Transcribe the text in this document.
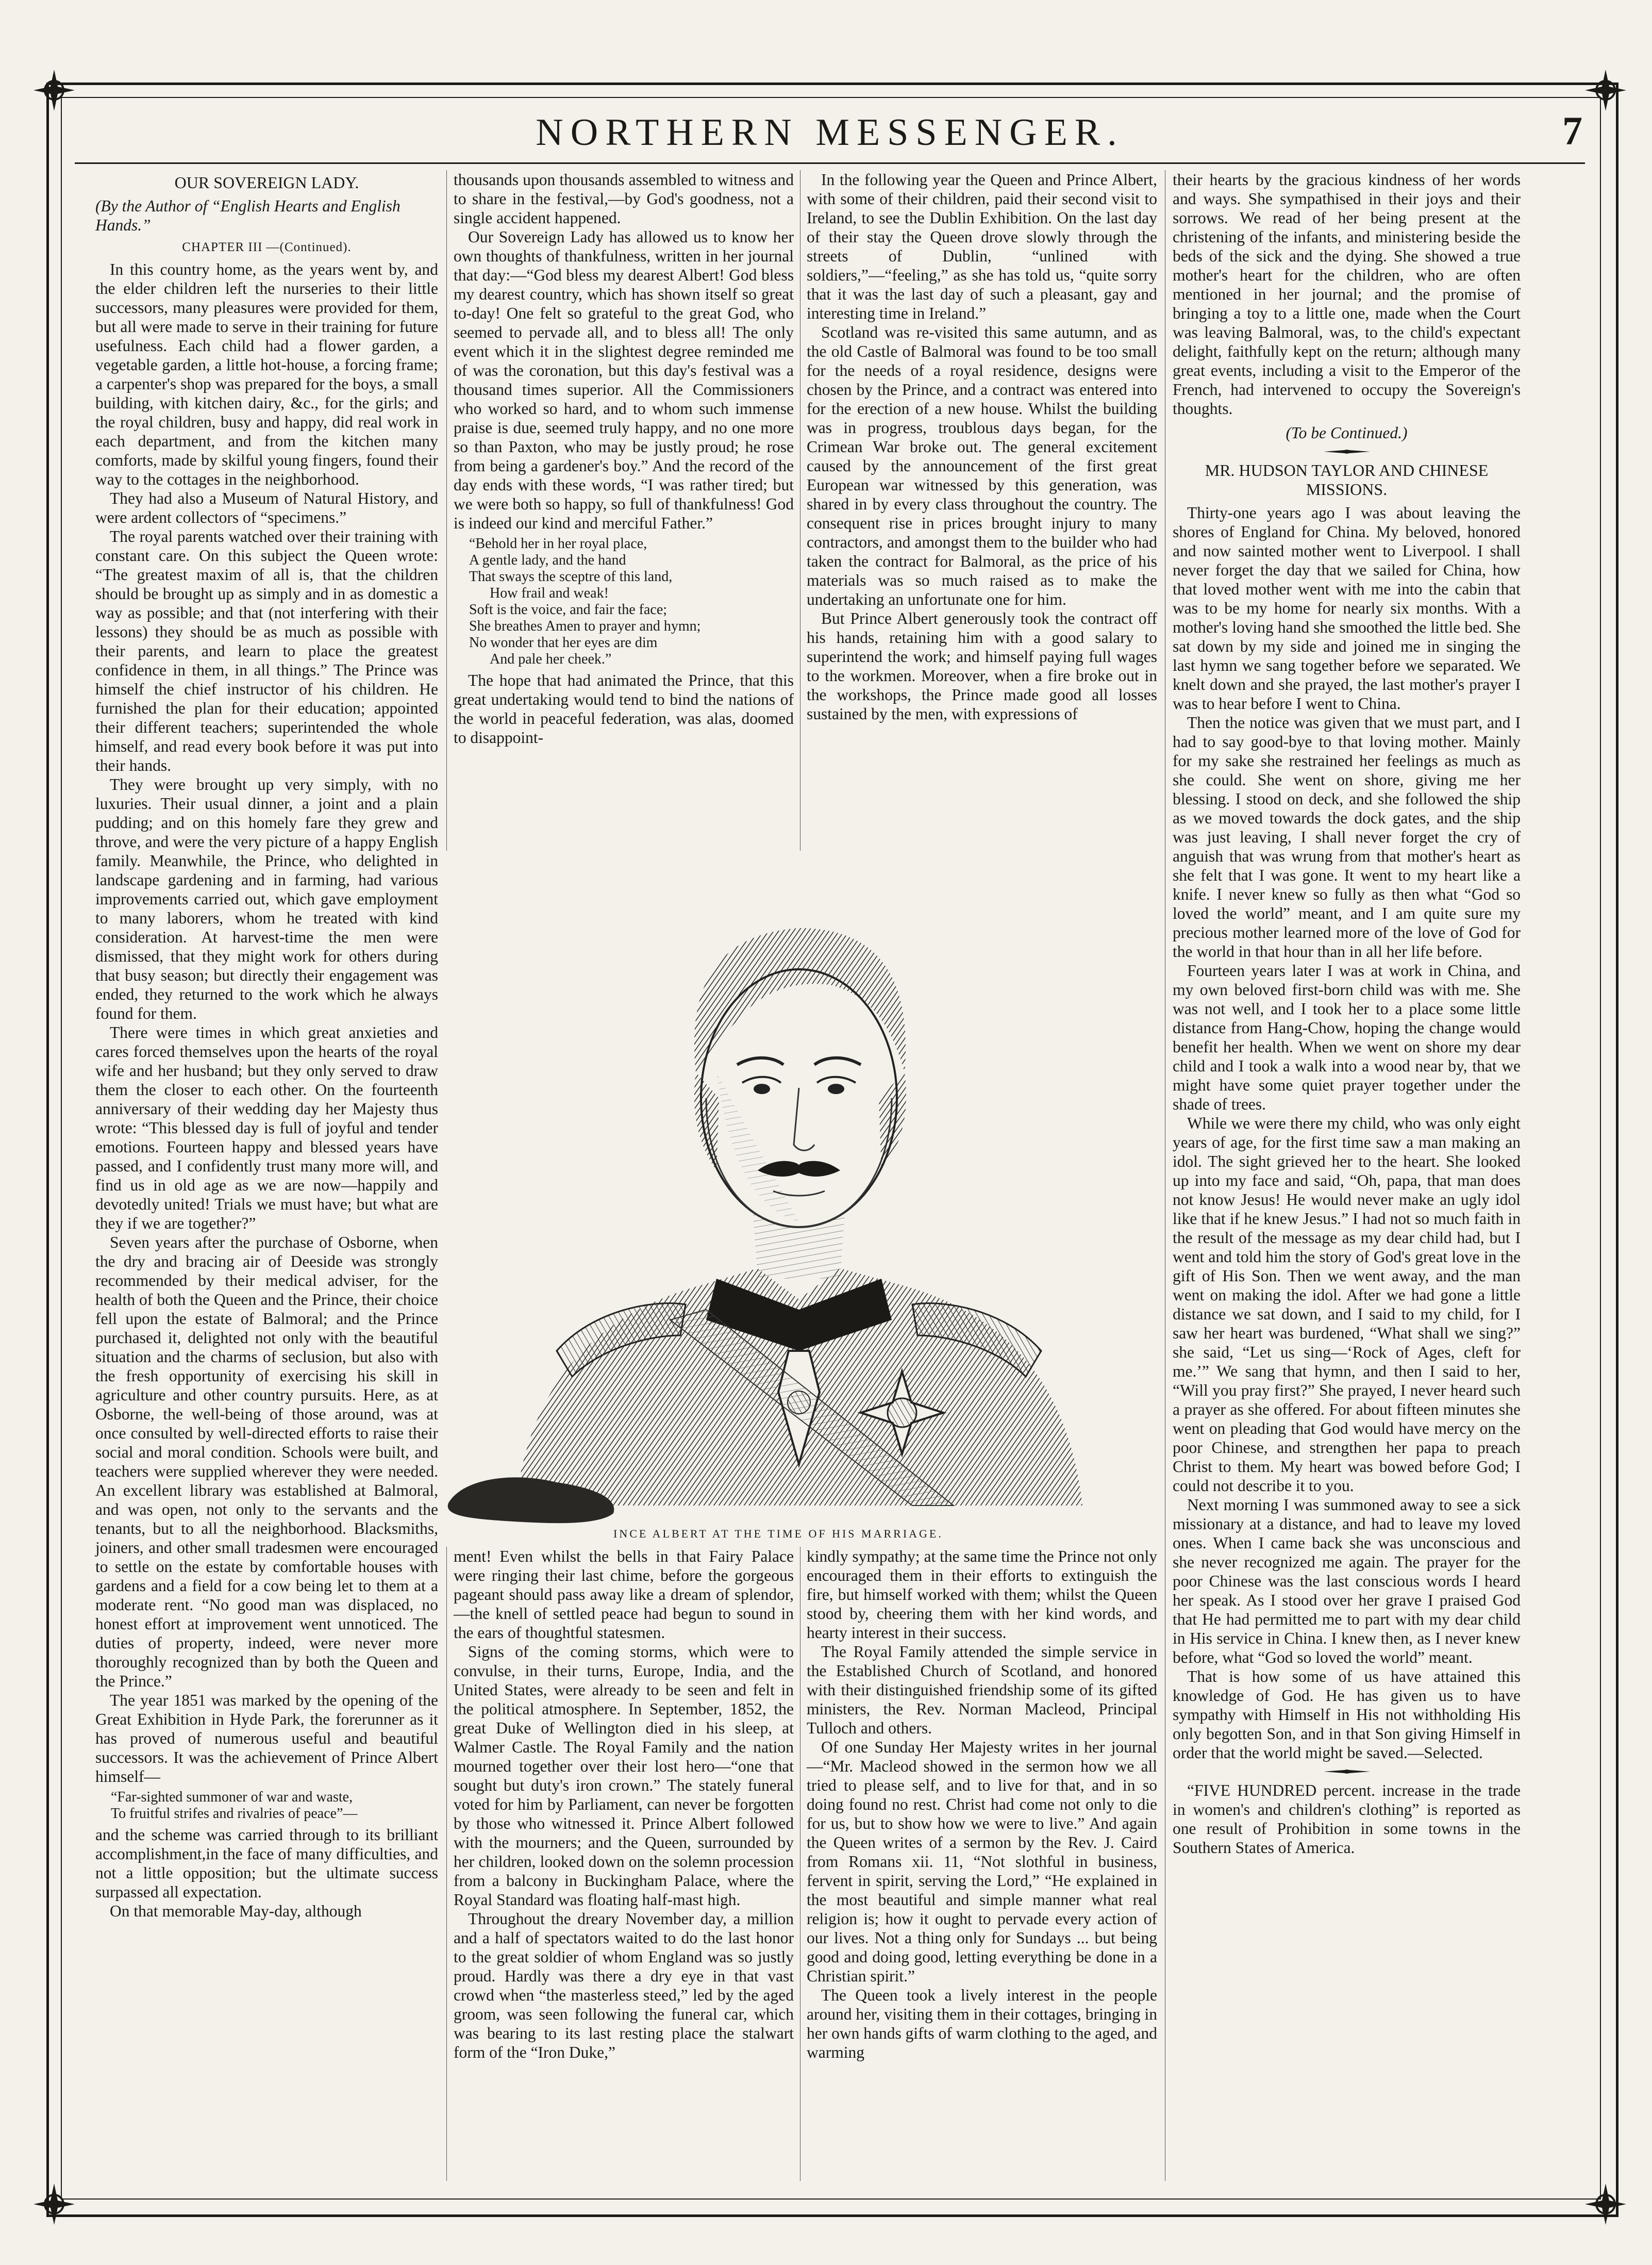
NORTHERN MESSENGER.	7

OUR SOVEREIGN LADY.

(By the Author of “English Hearts and English Hands.”

CHAPTER III —(Continued).

In this country home, as the years went by, and the elder children left the nurseries to their little successors, many pleasures were provided for them, but all were made to serve in their training for future usefulness. Each child had a flower garden, a vegetable garden, a little hot-house, a forcing frame; a carpenter's shop was prepared for the boys, a small building, with kitchen dairy, &c., for the girls; and the royal children, busy and happy, did real work in each department, and from the kitchen many comforts, made by skilful young fingers, found their way to the cottages in the neighborhood.

They had also a Museum of Natural History, and were ardent collectors of “specimens.”

The royal parents watched over their training with constant care. On this subject the Queen wrote: “The greatest maxim of all is, that the children should be brought up as simply and in as domestic a way as possible; and that (not interfering with their lessons) they should be as much as possible with their parents, and learn to place the greatest confidence in them, in all things.” The Prince was himself the chief instructor of his children. He furnished the plan for their education; appointed their different teachers; superintended the whole himself, and read every book before it was put into their hands.

They were brought up very simply, with no luxuries. Their usual dinner, a joint and a plain pudding; and on this homely fare they grew and throve, and were the very picture of a happy English family. Meanwhile, the Prince, who delighted in landscape gardening and in farming, had various improvements carried out, which gave employment to many laborers, whom he treated with kind consideration. At harvest-time the men were dismissed, that they might work for others during that busy season; but directly their engagement was ended, they returned to the work which he always found for them.

There were times in which great anxieties and cares forced themselves upon the hearts of the royal wife and her husband; but they only served to draw them the closer to each other. On the fourteenth anniversary of their wedding day her Majesty thus wrote: “This blessed day is full of joyful and tender emotions. Fourteen happy and blessed years have passed, and I confidently trust many more will, and find us in old age as we are now—happily and devotedly united! Trials we must have; but what are they if we are together?”

Seven years after the purchase of Osborne, when the dry and bracing air of Deeside was strongly recommended by their medical adviser, for the health of both the Queen and the Prince, their choice fell upon the estate of Balmoral; and the Prince purchased it, delighted not only with the beautiful situation and the charms of seclusion, but also with the fresh opportunity of exercising his skill in agriculture and other country pursuits. Here, as at Osborne, the well-being of those around, was at once consulted by well-directed efforts to raise their social and moral condition. Schools were built, and teachers were supplied wherever they were needed. An excellent library was established at Balmoral, and was open, not only to the servants and the tenants, but to all the neighborhood. Blacksmiths, joiners, and other small tradesmen were encouraged to settle on the estate by comfortable houses with gardens and a field for a cow being let to them at a moderate rent. “No good man was displaced, no honest effort at improvement went unnoticed. The duties of property, indeed, were never more thoroughly recognized than by both the Queen and the Prince.”

The year 1851 was marked by the opening of the Great Exhibition in Hyde Park, the forerunner as it has proved of numerous useful and beautiful successors. It was the achievement of Prince Albert himself—

“Far-sighted summoner of war and waste,
To fruitful strifes and rivalries of peace”—

and the scheme was carried through to its brilliant accomplishment,in the face of many difficulties, and not a little opposition; but the ultimate success surpassed all expectation.

On that memorable May-day, although

thousands upon thousands assembled to witness and to share in the festival,—by God's goodness, not a single accident happened.

Our Sovereign Lady has allowed us to know her own thoughts of thankfulness, written in her journal that day:—“God bless my dearest Albert! God bless my dearest country, which has shown itself so great to-day! One felt so grateful to the great God, who seemed to pervade all, and to bless all! The only event which it in the slightest degree reminded me of was the coronation, but this day's festival was a thousand times superior. All the Commissioners who worked so hard, and to whom such immense praise is due, seemed truly happy, and no one more so than Paxton, who may be justly proud; he rose from being a gardener's boy.” And the record of the day ends with these words, “I was rather tired; but we were both so happy, so full of thankfulness! God is indeed our kind and merciful Father.”

“Behold her in her royal place,
A gentle lady, and the hand
That sways the sceptre of this land,
How frail and weak!
Soft is the voice, and fair the face;
She breathes Amen to prayer and hymn;
No wonder that her eyes are dim
And pale her cheek.”

The hope that had animated the Prince, that this great undertaking would tend to bind the nations of the world in peaceful federation, was alas, doomed to disappoint-

In the following year the Queen and Prince Albert, with some of their children, paid their second visit to Ireland, to see the Dublin Exhibition. On the last day of their stay the Queen drove slowly through the streets of Dublin, “unlined with soldiers,”—“feeling,” as she has told us, “quite sorry that it was the last day of such a pleasant, gay and interesting time in Ireland.”

Scotland was re-visited this same autumn, and as the old Castle of Balmoral was found to be too small for the needs of a royal residence, designs were chosen by the Prince, and a contract was entered into for the erection of a new house. Whilst the building was in progress, troublous days began, for the Crimean War broke out. The general excitement caused by the announcement of the first great European war witnessed by this generation, was shared in by every class throughout the country. The consequent rise in prices brought injury to many contractors, and amongst them to the builder who had taken the contract for Balmoral, as the price of his materials was so much raised as to make the undertaking an unfortunate one for him.

But Prince Albert generously took the contract off his hands, retaining him with a good salary to superintend the work; and himself paying full wages to the workmen. Moreover, when a fire broke out in the workshops, the Prince made good all losses sustained by the men, with expressions of

INCE ALBERT AT THE TIME OF HIS MARRIAGE.

ment! Even whilst the bells in that Fairy Palace were ringing their last chime, before the gorgeous pageant should pass away like a dream of splendor,—the knell of settled peace had begun to sound in the ears of thoughtful statesmen.

Signs of the coming storms, which were to convulse, in their turns, Europe, India, and the United States, were already to be seen and felt in the political atmosphere. In September, 1852, the great Duke of Wellington died in his sleep, at Walmer Castle. The Royal Family and the nation mourned together over their lost hero—“one that sought but duty's iron crown.” The stately funeral voted for him by Parliament, can never be forgotten by those who witnessed it. Prince Albert followed with the mourners; and the Queen, surrounded by her children, looked down on the solemn procession from a balcony in Buckingham Palace, where the Royal Standard was floating half-mast high.

Throughout the dreary November day, a million and a half of spectators waited to do the last honor to the great soldier of whom England was so justly proud. Hardly was there a dry eye in that vast crowd when “the masterless steed,” led by the aged groom, was seen following the funeral car, which was bearing to its last resting place the stalwart form of the “Iron Duke,”

kindly sympathy; at the same time the Prince not only encouraged them in their efforts to extinguish the fire, but himself worked with them; whilst the Queen stood by, cheering them with her kind words, and hearty interest in their success.

The Royal Family attended the simple service in the Established Church of Scotland, and honored with their distinguished friendship some of its gifted ministers, the Rev. Norman Macleod, Principal Tulloch and others.

Of one Sunday Her Majesty writes in her journal—“Mr. Macleod showed in the sermon how we all tried to please self, and to live for that, and in so doing found no rest. Christ had come not only to die for us, but to show how we were to live.” And again the Queen writes of a sermon by the Rev. J. Caird from Romans xii. 11, “Not slothful in business, fervent in spirit, serving the Lord,” “He explained in the most beautiful and simple manner what real religion is; how it ought to pervade every action of our lives. Not a thing only for Sundays ... but being good and doing good, letting everything be done in a Christian spirit.”

The Queen took a lively interest in the people around her, visiting them in their cottages, bringing in her own hands gifts of warm clothing to the aged, and warming

their hearts by the gracious kindness of her words and ways. She sympathised in their joys and their sorrows. We read of her being present at the christening of the infants, and ministering beside the beds of the sick and the dying. She showed a true mother's heart for the children, who are often mentioned in her journal; and the promise of bringing a toy to a little one, made when the Court was leaving Balmoral, was, to the child's expectant delight, faithfully kept on the return; although many great events, including a visit to the Emperor of the French, had intervened to occupy the Sovereign's thoughts.

(To be Continued.)

MR. HUDSON TAYLOR AND CHINESE MISSIONS.

Thirty-one years ago I was about leaving the shores of England for China. My beloved, honored and now sainted mother went to Liverpool. I shall never forget the day that we sailed for China, how that loved mother went with me into the cabin that was to be my home for nearly six months. With a mother's loving hand she smoothed the little bed. She sat down by my side and joined me in singing the last hymn we sang together before we separated. We knelt down and she prayed, the last mother's prayer I was to hear before I went to China.

Then the notice was given that we must part, and I had to say good-bye to that loving mother. Mainly for my sake she restrained her feelings as much as she could. She went on shore, giving me her blessing. I stood on deck, and she followed the ship as we moved towards the dock gates, and the ship was just leaving, I shall never forget the cry of anguish that was wrung from that mother's heart as she felt that I was gone. It went to my heart like a knife. I never knew so fully as then what “God so loved the world” meant, and I am quite sure my precious mother learned more of the love of God for the world in that hour than in all her life before.

Fourteen years later I was at work in China, and my own beloved first-born child was with me. She was not well, and I took her to a place some little distance from Hang-Chow, hoping the change would benefit her health. When we went on shore my dear child and I took a walk into a wood near by, that we might have some quiet prayer together under the shade of trees.

While we were there my child, who was only eight years of age, for the first time saw a man making an idol. The sight grieved her to the heart. She looked up into my face and said, “Oh, papa, that man does not know Jesus! He would never make an ugly idol like that if he knew Jesus.” I had not so much faith in the result of the message as my dear child had, but I went and told him the story of God's great love in the gift of His Son. Then we went away, and the man went on making the idol. After we had gone a little distance we sat down, and I said to my child, for I saw her heart was burdened, “What shall we sing?” she said, “Let us sing—‘Rock of Ages, cleft for me.’” We sang that hymn, and then I said to her, “Will you pray first?” She prayed, I never heard such a prayer as she offered. For about fifteen minutes she went on pleading that God would have mercy on the poor Chinese, and strengthen her papa to preach Christ to them. My heart was bowed before God; I could not describe it to you.

Next morning I was summoned away to see a sick missionary at a distance, and had to leave my loved ones. When I came back she was unconscious and she never recognized me again. The prayer for the poor Chinese was the last conscious words I heard her speak. As I stood over her grave I praised God that He had permitted me to part with my dear child in His service in China. I knew then, as I never knew before, what “God so loved the world” meant.

That is how some of us have attained this knowledge of God. He has given us to have sympathy with Himself in His not withholding His only begotten Son, and in that Son giving Himself in order that the world might be saved.—Selected.

“FIVE HUNDRED percent. increase in the trade in women's and children's clothing” is reported as one result of Prohibition in some towns in the Southern States of America.
